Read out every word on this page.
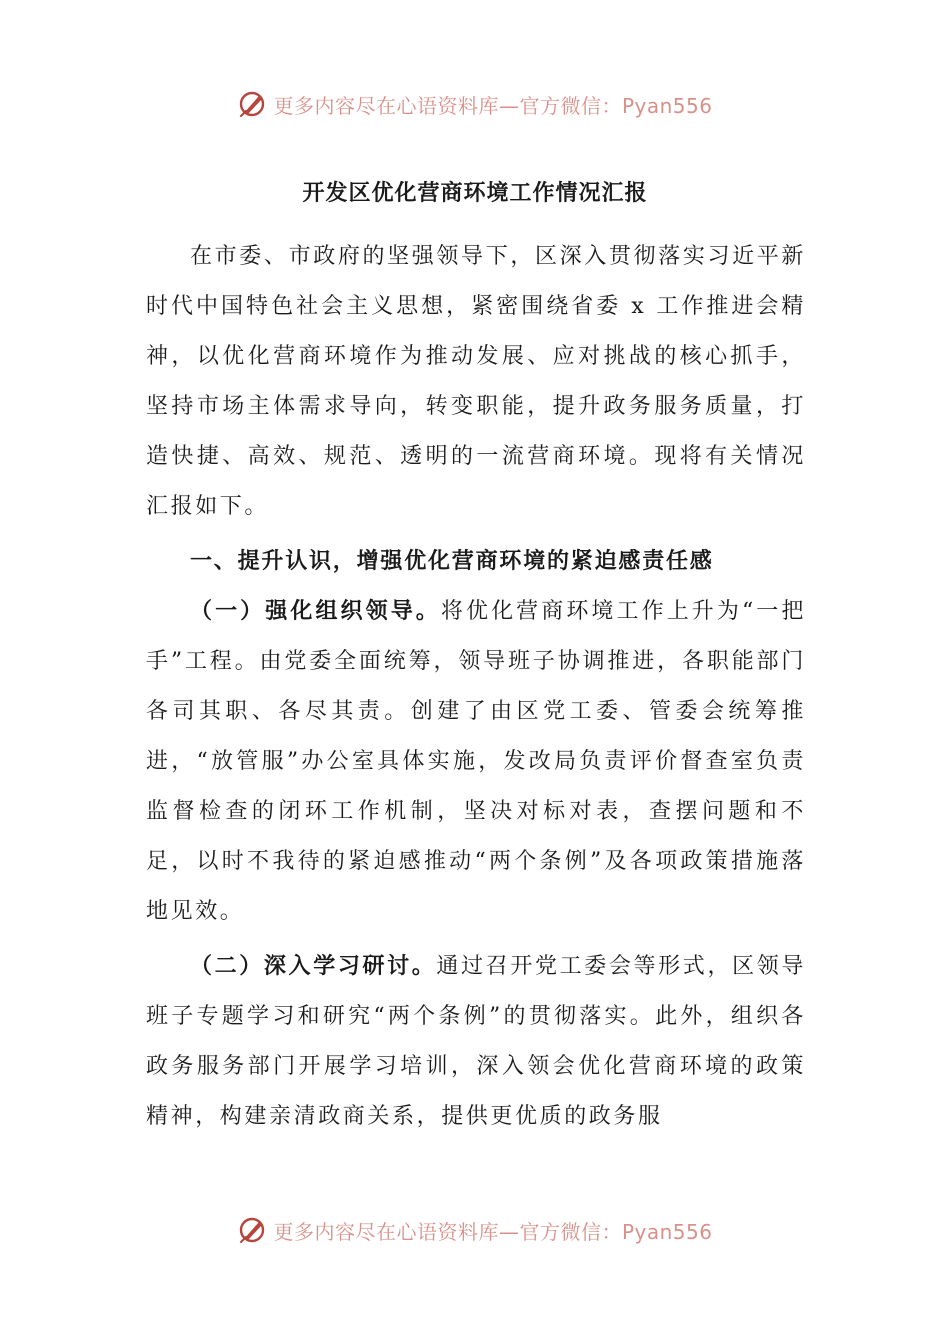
更多内容尽在心语资料库—官方微信：Pyan556
开发区优化营商环境工作情况汇报

在市委、市政府的坚强领导下，区深入贯彻落实习近平新时代中国特色社会主义思想，紧密围绕省委 x 工作推进会精神，以优化营商环境作为推动发展、应对挑战的核心抓手，坚持市场主体需求导向，转变职能，提升政务服务质量，打造快捷、高效、规范、透明的一流营商环境。现将有关情况汇报如下。

一、提升认识，增强优化营商环境的紧迫感责任感

（一）强化组织领导。将优化营商环境工作上升为“一把手”工程。由党委全面统筹，领导班子协调推进，各职能部门各司其职、各尽其责。创建了由区党工委、管委会统筹推进，“放管服”办公室具体实施，发改局负责评价督查室负责监督检查的闭环工作机制，坚决对标对表，查摆问题和不足，以时不我待的紧迫感推动“两个条例”及各项政策措施落地见效。

（二）深入学习研讨。通过召开党工委会等形式，区领导班子专题学习和研究“两个条例”的贯彻落实。此外，组织各政务服务部门开展学习培训，深入领会优化营商环境的政策精神，构建亲清政商关系，提供更优质的政务服

更多内容尽在心语资料库—官方微信：Pyan556
